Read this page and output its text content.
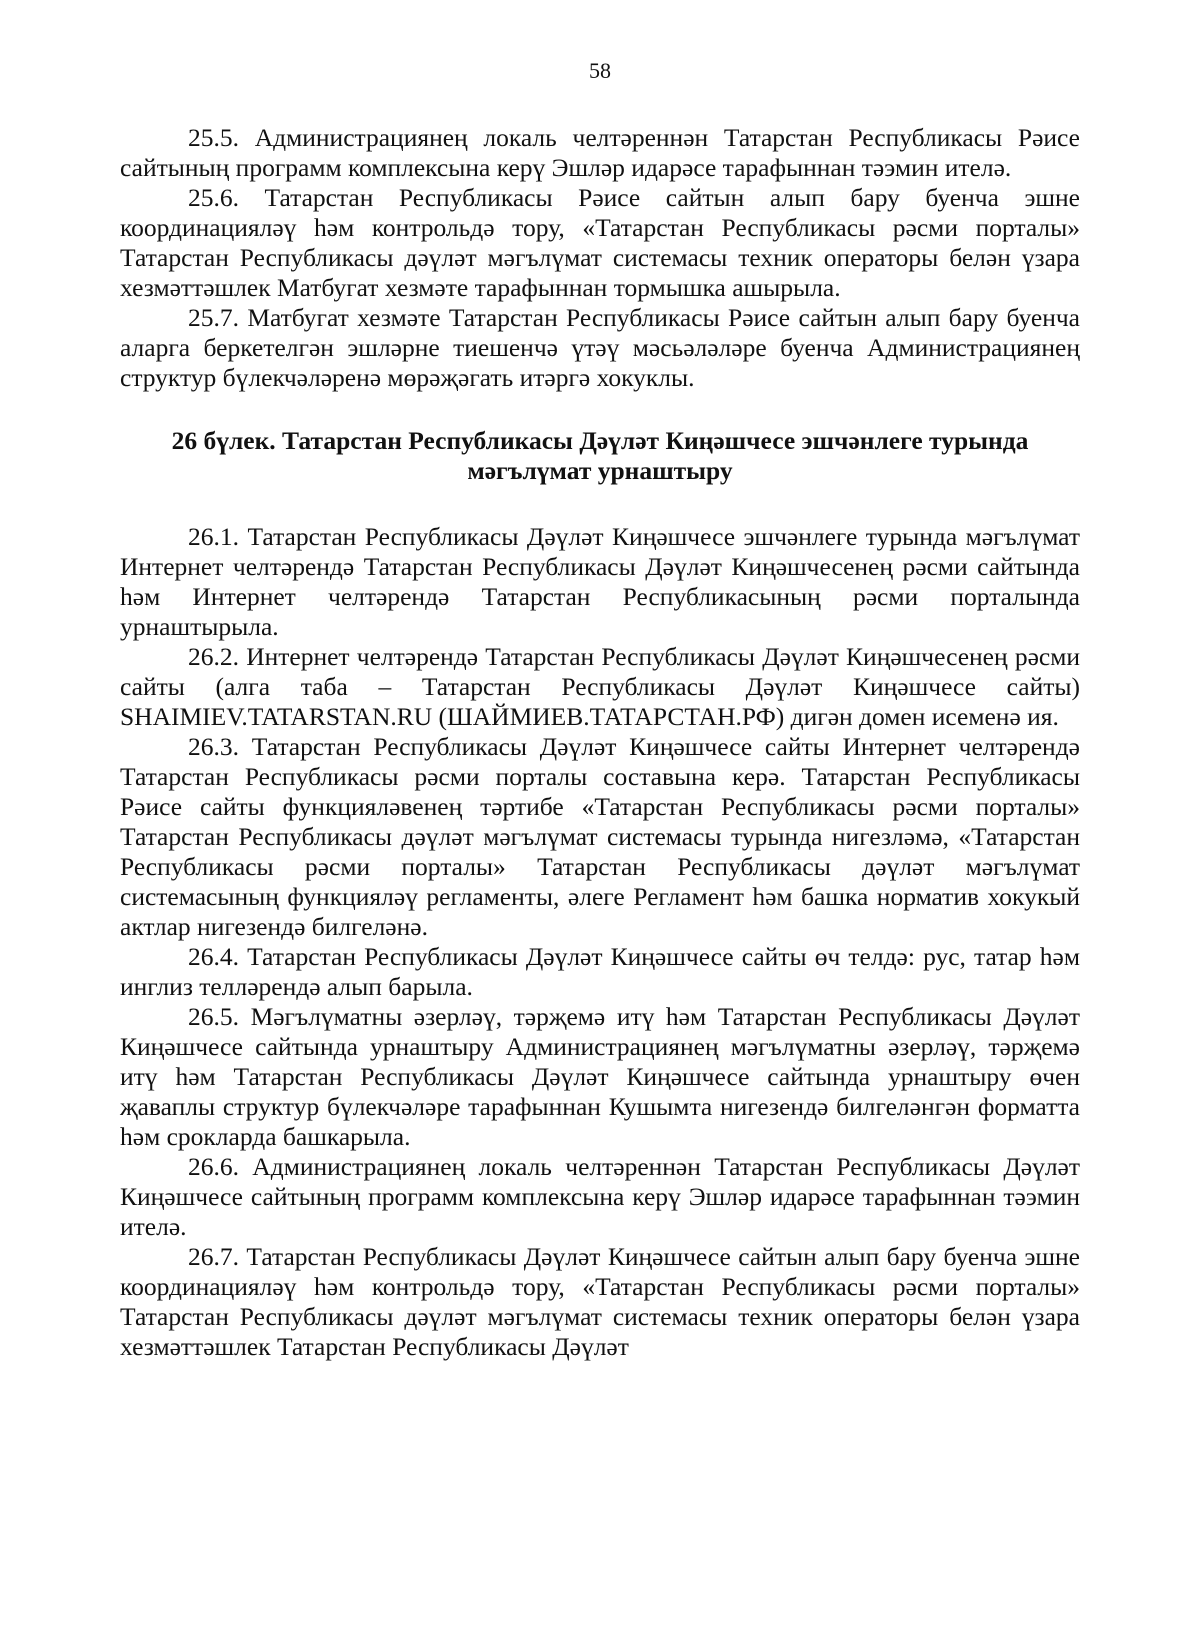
58

25.5. Администрациянең локаль челтәреннән Татарстан Республикасы Рәисе сайтының программ комплексына керү Эшләр идарәсе тарафыннан тәэмин ителә.

25.6. Татарстан Республикасы Рәисе сайтын алып бару буенча эшне координацияләү һәм контрольдә тору, «Татарстан Республикасы рәсми порталы» Татарстан Республикасы дәүләт мәгълүмат системасы техник операторы белән үзара хезмәттәшлек Матбугат хезмәте тарафыннан тормышка ашырыла.

25.7. Матбугат хезмәте Татарстан Республикасы Рәисе сайтын алып бару буенча аларга беркетелгән эшләрне тиешенчә үтәү мәсьәләләре буенча Администрациянең структур бүлекчәләренә мөрәҗәгать итәргә хокуклы.

26 бүлек. Татарстан Республикасы Дәүләт Киңәшчесе эшчәнлеге турында мәгълүмат урнаштыру

26.1. Татарстан Республикасы Дәүләт Киңәшчесе эшчәнлеге турында мәгълүмат Интернет челтәрендә Татарстан Республикасы Дәүләт Киңәшчесенең рәсми сайтында һәм Интернет челтәрендә Татарстан Республикасының рәсми порталында урнаштырыла.

26.2. Интернет челтәрендә Татарстан Республикасы Дәүләт Киңәшчесенең рәсми сайты (алга таба – Татарстан Республикасы Дәүләт Киңәшчесе сайты) SHAIMIEV.TATARSTAN.RU (ШАЙМИЕВ.ТАТАРСТАН.РФ) дигән домен исеменә ия.

26.3. Татарстан Республикасы Дәүләт Киңәшчесе сайты Интернет челтәрендә Татарстан Республикасы рәсми порталы составына керә. Татарстан Республикасы Рәисе сайты функцияләвенең тәртибе «Татарстан Республикасы рәсми порталы» Татарстан Республикасы дәүләт мәгълүмат системасы турында нигезләмә, «Татарстан Республикасы рәсми порталы» Татарстан Республикасы дәүләт мәгълүмат системасының функцияләү регламенты, әлеге Регламент һәм башка норматив хокукый актлар нигезендә билгеләнә.

26.4. Татарстан Республикасы Дәүләт Киңәшчесе сайты өч телдә: рус, татар һәм инглиз телләрендә алып барыла.

26.5. Мәгълүматны әзерләү, тәрҗемә итү һәм Татарстан Республикасы Дәүләт Киңәшчесе сайтында урнаштыру Администрациянең мәгълүматны әзерләү, тәрҗемә итү һәм Татарстан Республикасы Дәүләт Киңәшчесе сайтында урнаштыру өчен җаваплы структур бүлекчәләре тарафыннан Кушымта нигезендә билгеләнгән форматта һәм срокларда башкарыла.

26.6. Администрациянең локаль челтәреннән Татарстан Республикасы Дәүләт Киңәшчесе сайтының программ комплексына керү Эшләр идарәсе тарафыннан тәэмин ителә.

26.7. Татарстан Республикасы Дәүләт Киңәшчесе сайтын алып бару буенча эшне координацияләү һәм контрольдә тору, «Татарстан Республикасы рәсми порталы» Татарстан Республикасы дәүләт мәгълүмат системасы техник операторы белән үзара хезмәттәшлек Татарстан Республикасы Дәүләт
